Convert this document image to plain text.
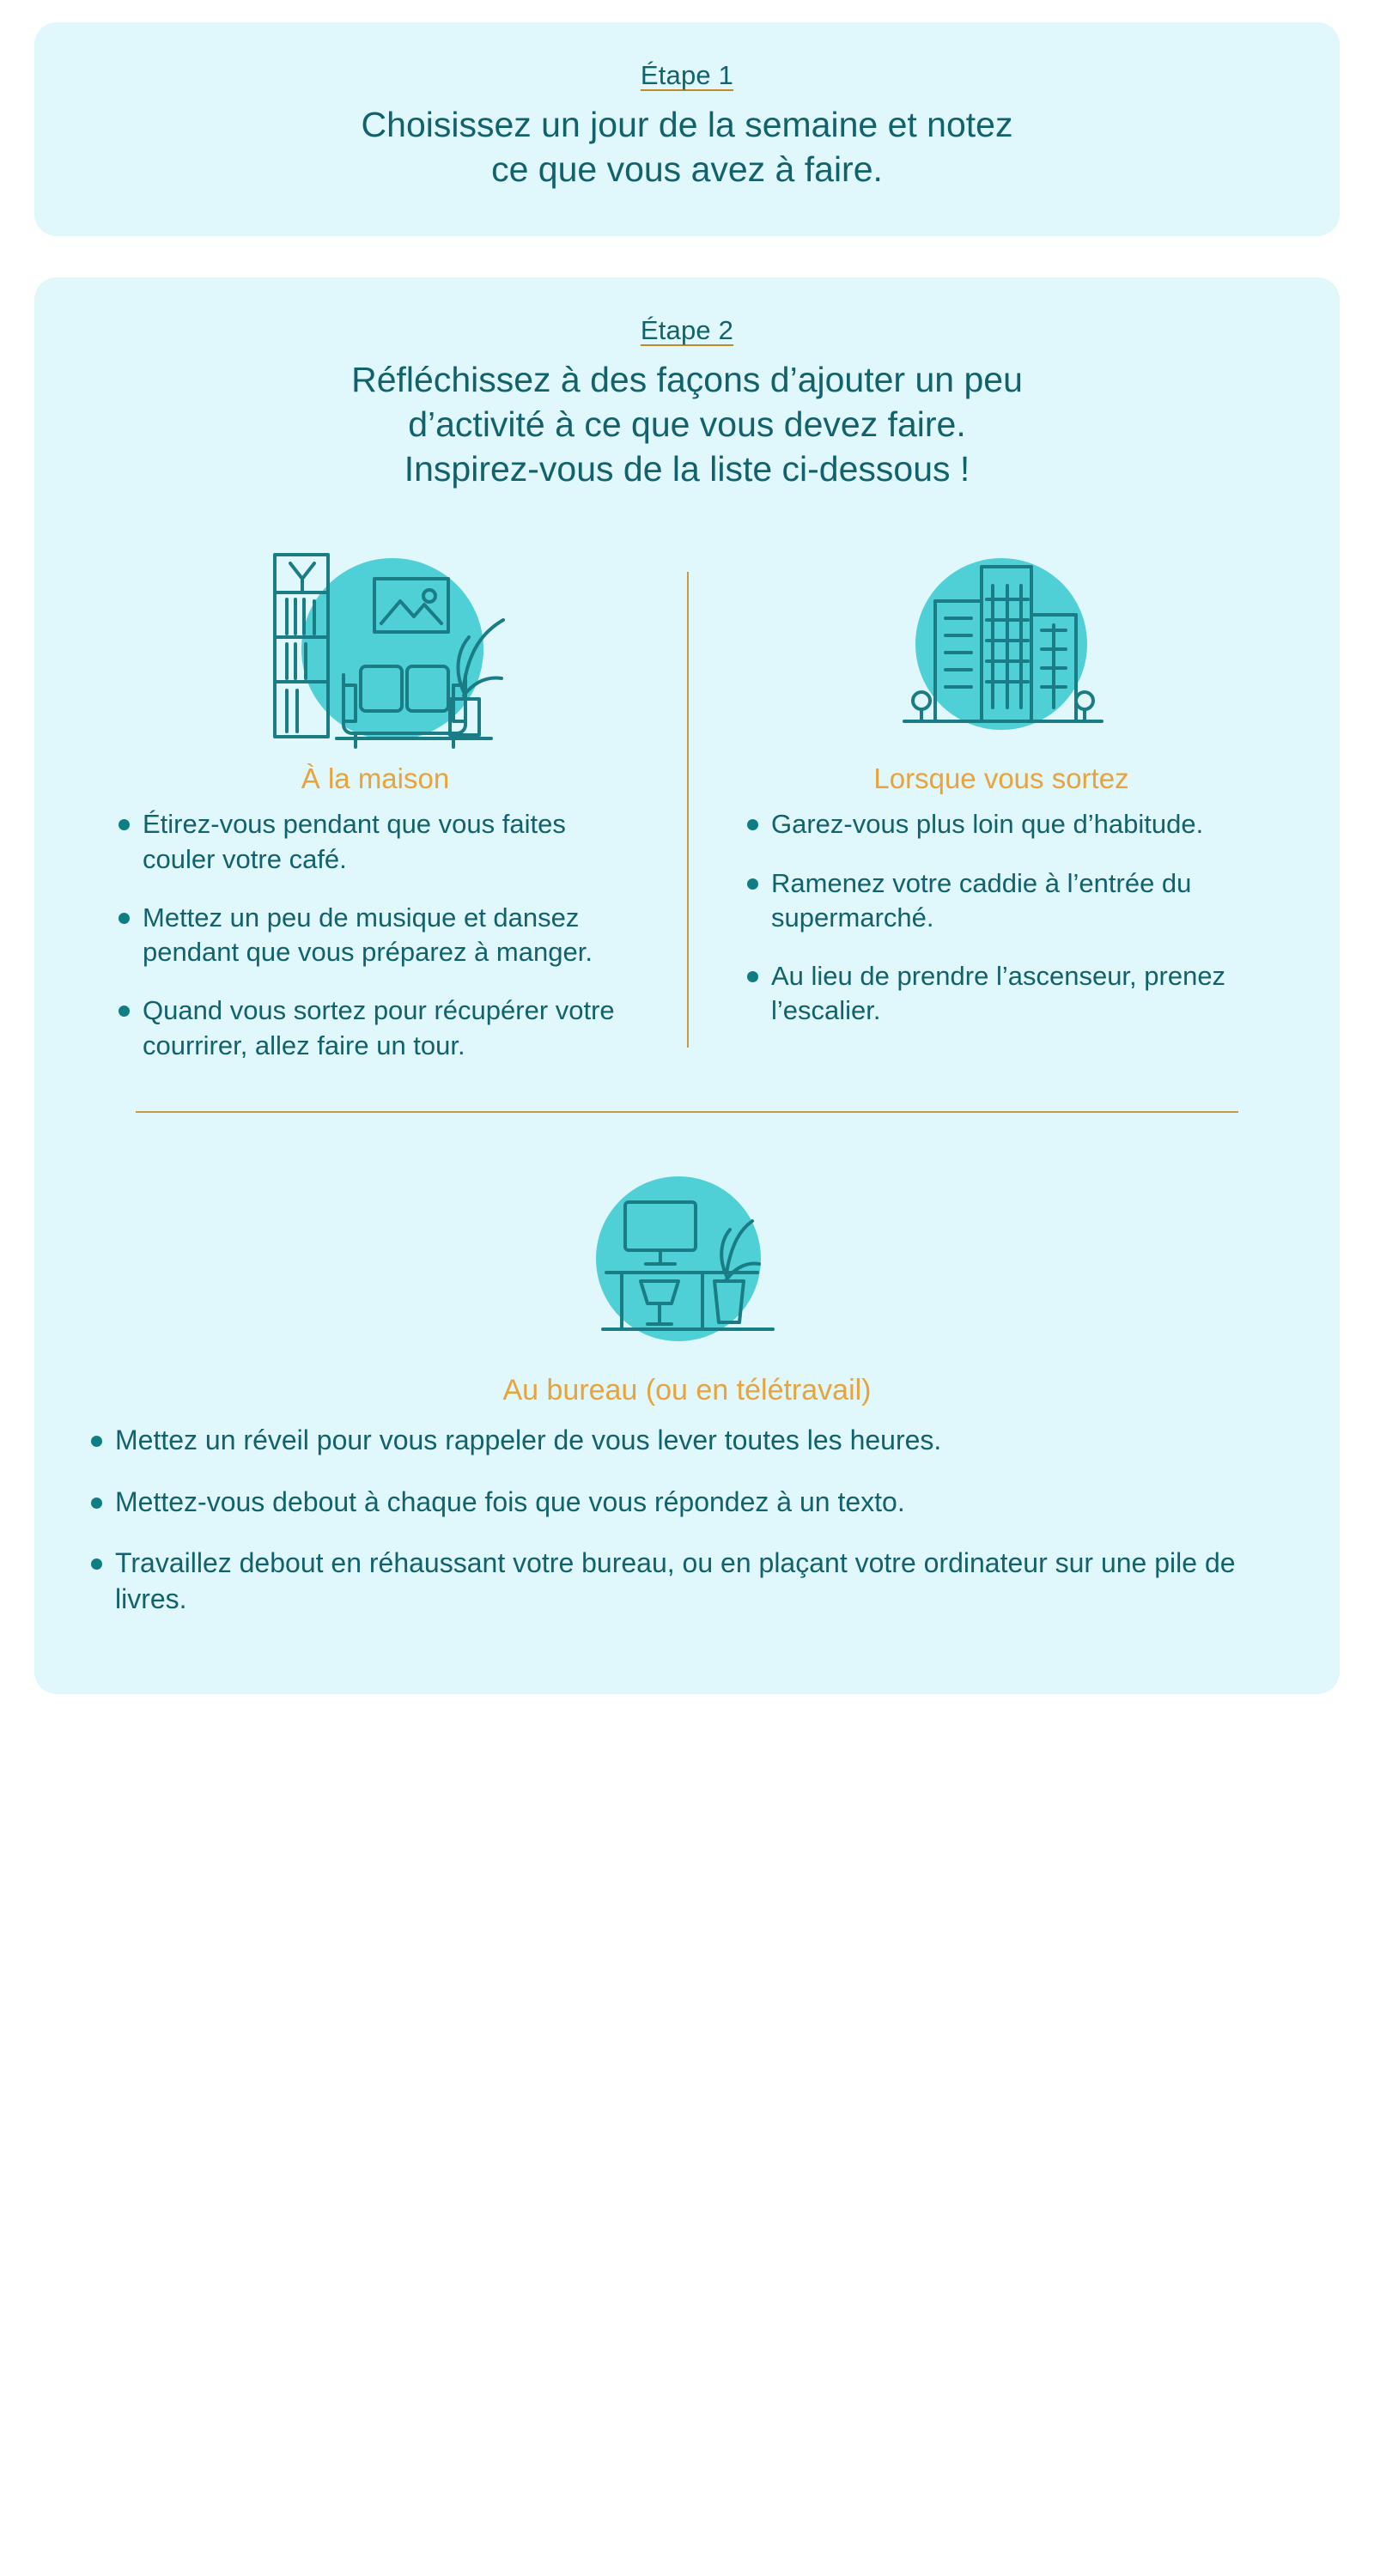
Étape 1
Choisissez un jour de la semaine et notez
ce que vous avez à faire.
Étape 2
Réfléchissez à des façons d’ajouter un peu
d’activité à ce que vous devez faire.
Inspirez-vous de la liste ci-dessous !
À la maison
Étirez-vous pendant que vous faites couler votre café.
Mettez un peu de musique et dansez pendant que vous préparez à manger.
Quand vous sortez pour récupérer votre courrirer, allez faire un tour.
Lorsque vous sortez
Garez-vous plus loin que d’habitude.
Ramenez votre caddie à l’entrée du supermarché.
Au lieu de prendre l’ascenseur, prenez l’escalier.
Au bureau (ou en télétravail)
Mettez un réveil pour vous rappeler de vous lever toutes les heures.
Mettez-vous debout à chaque fois que vous répondez à un texto.
Travaillez debout en réhaussant votre bureau, ou en plaçant votre ordinateur sur une pile de livres.
